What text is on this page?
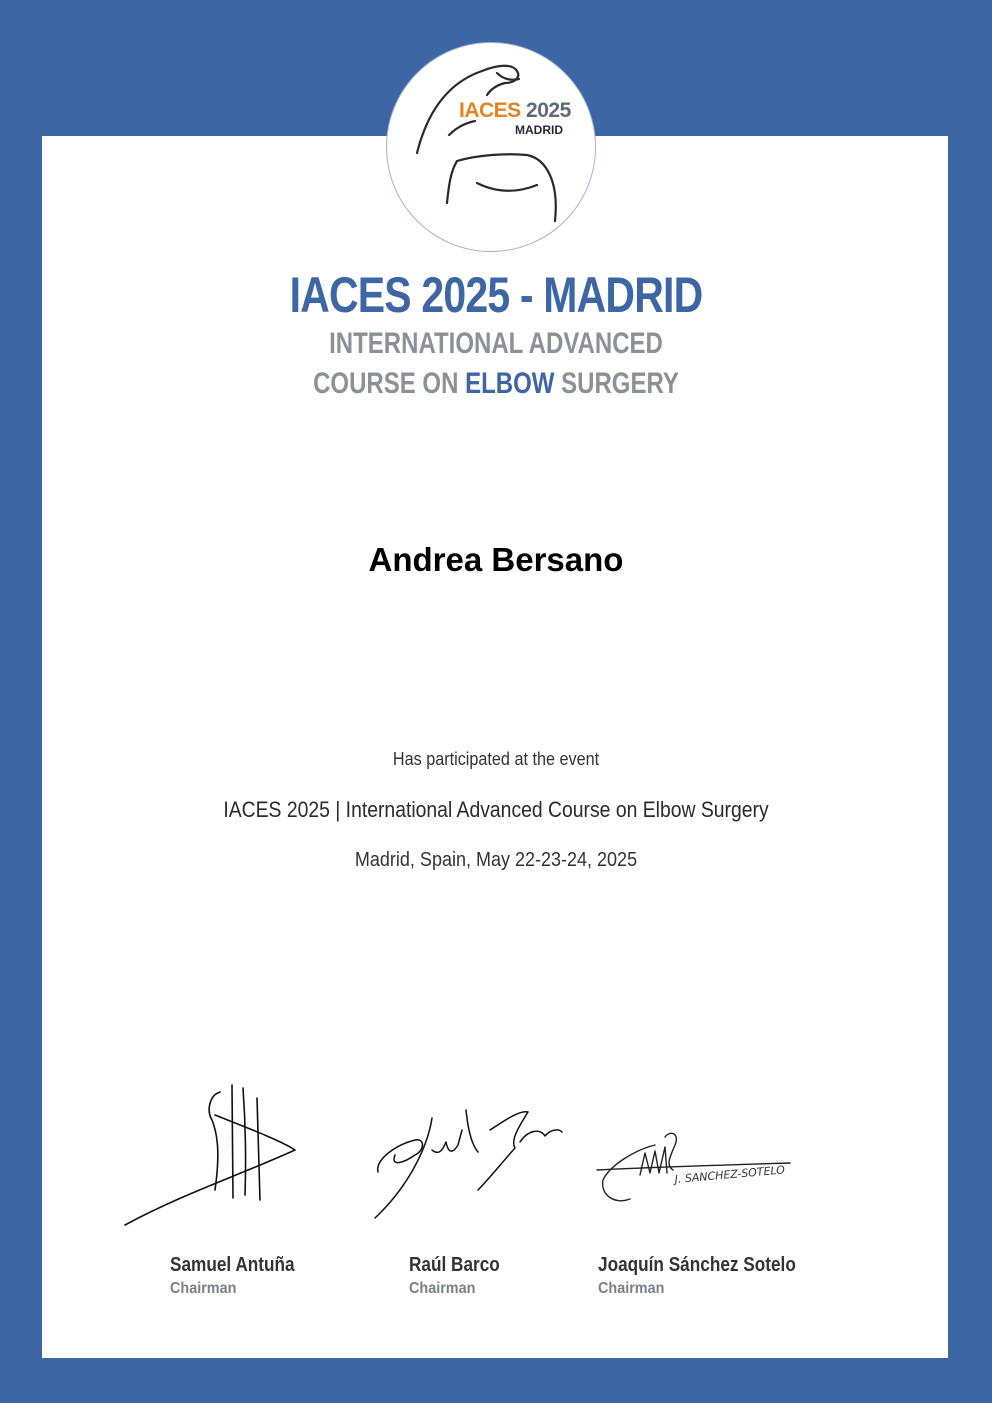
IACES 2025
MADRID
IACES 2025 - MADRID
INTERNATIONAL ADVANCED
COURSE ON ELBOW SURGERY
Andrea Bersano
Has participated at the event
IACES 2025 | International Advanced Course on Elbow Surgery
Madrid, Spain, May 22-23-24, 2025
J. SANCHEZ-SOTELO
Samuel Antuña
Chairman
Raúl Barco
Chairman
Joaquín Sánchez Sotelo
Chairman
